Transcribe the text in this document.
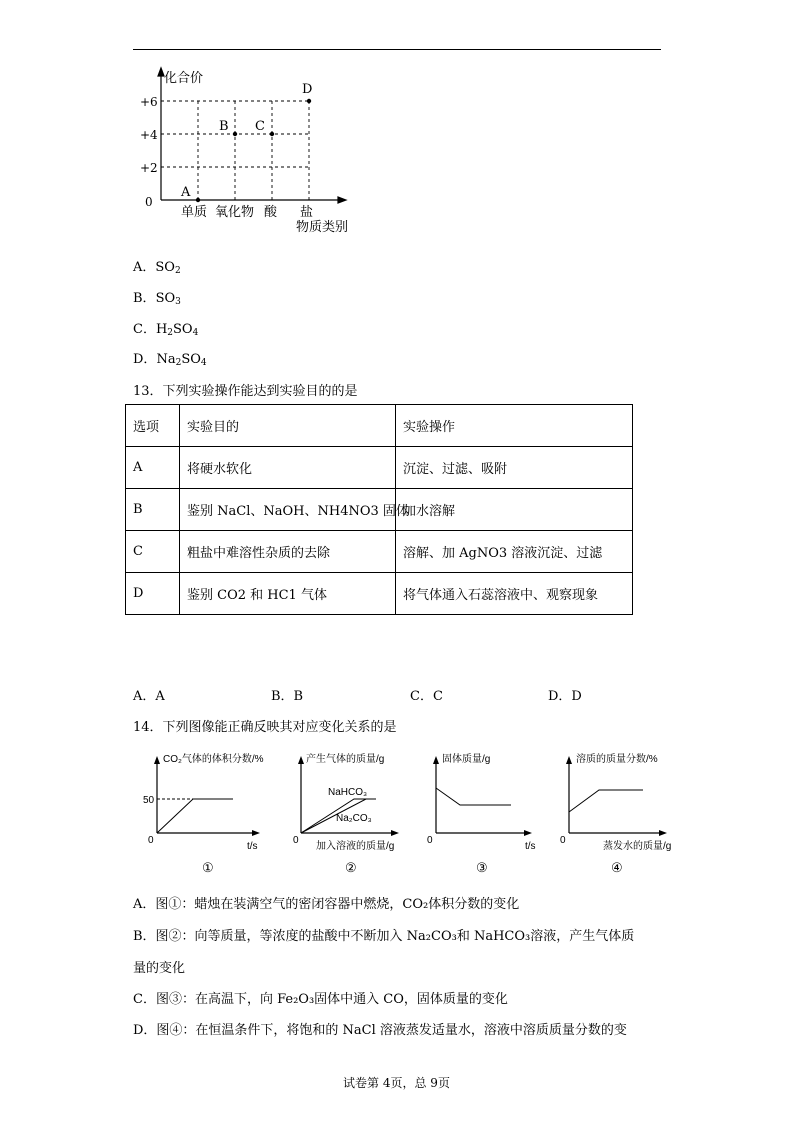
化合价
+6
+4
+2
0
A
B C
D
单质 氧化物 酸 盐
物质类别
A．$SO_2$
B．$SO_3$
C．$H_2SO_4$
D．$Na_2SO_4$
13．下列实验操作能达到实验目的的是
选项	实验目的	实验操作
A	将硬水软化	沉淀、过滤、吸附
B	鉴别 NaCl、NaOH、NH4NO3 固体	加水溶解
C	粗盐中难溶性杂质的去除	溶解、加 AgNO3 溶液沉淀、过滤
D	鉴别 CO2 和 HC1 气体	将气体通入石蕊溶液中、观察现象
A．A	B．B	C．C	D．D
14．下列图像能正确反映其对应变化关系的是
CO₂气体的体积分数/%
50
0
t/s
①
产生气体的质量/g
NaHCO₃
Na₂CO₃
0
加入溶液的质量/g
②
固体质量/g
0
t/s
③
溶质的质量分数/%
0
蒸发水的质量/g
④
A．图①：蜡烛在装满空气的密闭容器中燃烧，CO₂体积分数的变化
B．图②：向等质量，等浓度的盐酸中不断加入 Na₂CO₃和 NaHCO₃溶液，产生气体质
量的变化
C．图③：在高温下，向 Fe₂O₃固体中通入 CO，固体质量的变化
D．图④：在恒温条件下，将饱和的 NaCl 溶液蒸发适量水，溶液中溶质质量分数的变
试卷第 4页，总 9页
